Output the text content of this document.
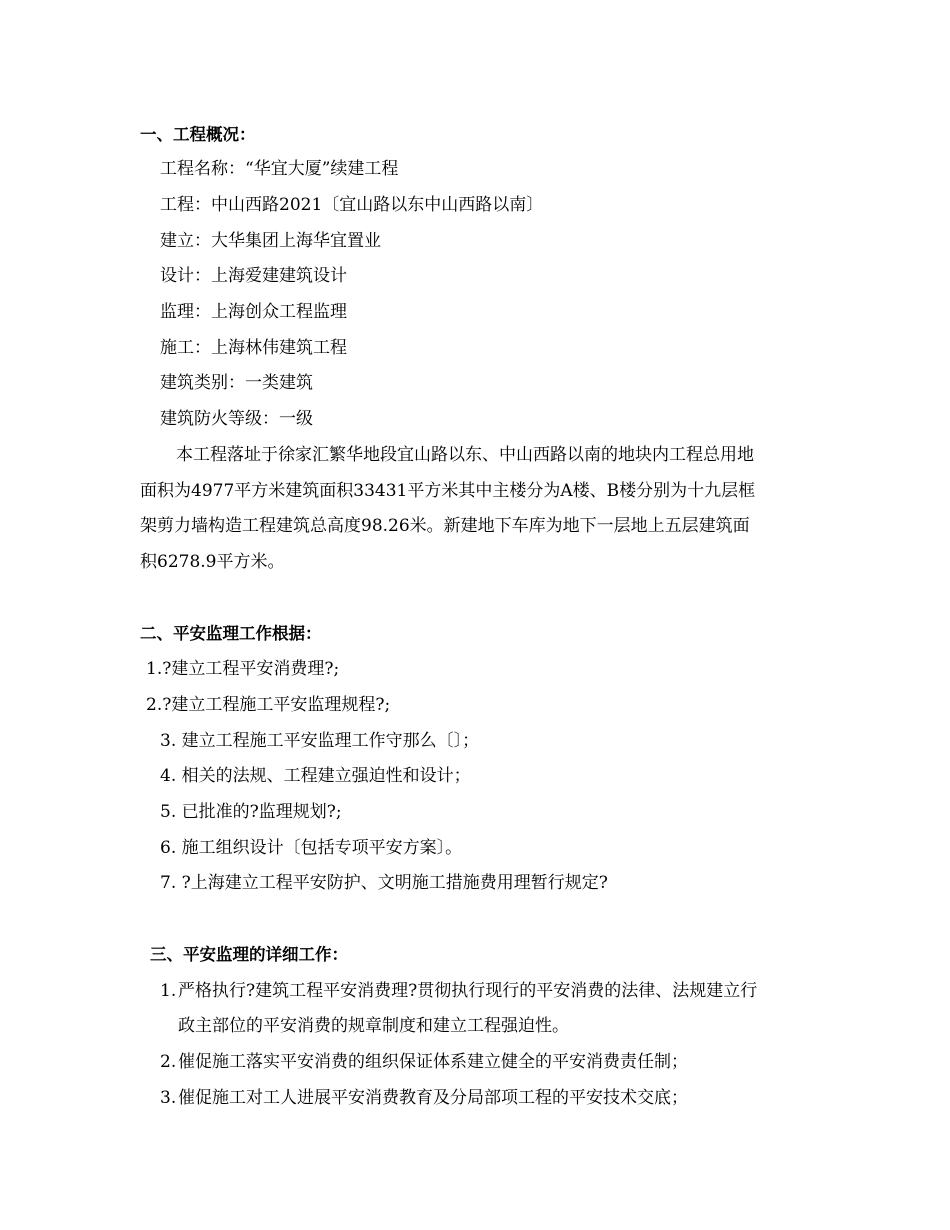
一、工程概况：
工程名称：“华宜大厦”续建工程
工程：中山西路2021〔宜山路以东中山西路以南〕
建立：大华集团上海华宜置业
设计：上海爱建建筑设计
监理：上海创众工程监理
施工：上海林伟建筑工程
建筑类别：一类建筑
建筑防火等级：一级
本工程落址于徐家汇繁华地段宜山路以东、中山西路以南的地块内工程总用地
面积为4977平方米建筑面积33431平方米其中主楼分为A楼、B楼分别为十九层框
架剪力墙构造工程建筑总高度98.26米。新建地下车库为地下一层地上五层建筑面
积6278.9平方米。
二、平安监理工作根据：
1.?建立工程平安消费理?;
2.?建立工程施工平安监理规程?;
3. 建立工程施工平安监理工作守那么〔〕；
4. 相关的法规、工程建立强迫性和设计；
5. 已批准的?监理规划?;
6. 施工组织设计〔包括专项平安方案〕。
7. ?上海建立工程平安防护、文明施工措施费用理暂行规定?
三、平安监理的详细工作：
1. 严格执行?建筑工程平安消费理?贯彻执行现行的平安消费的法律、法规建立行
政主部位的平安消费的规章制度和建立工程强迫性。
2. 催促施工落实平安消费的组织保证体系建立健全的平安消费责任制；
3. 催促施工对工人进展平安消费教育及分局部项工程的平安技术交底；
